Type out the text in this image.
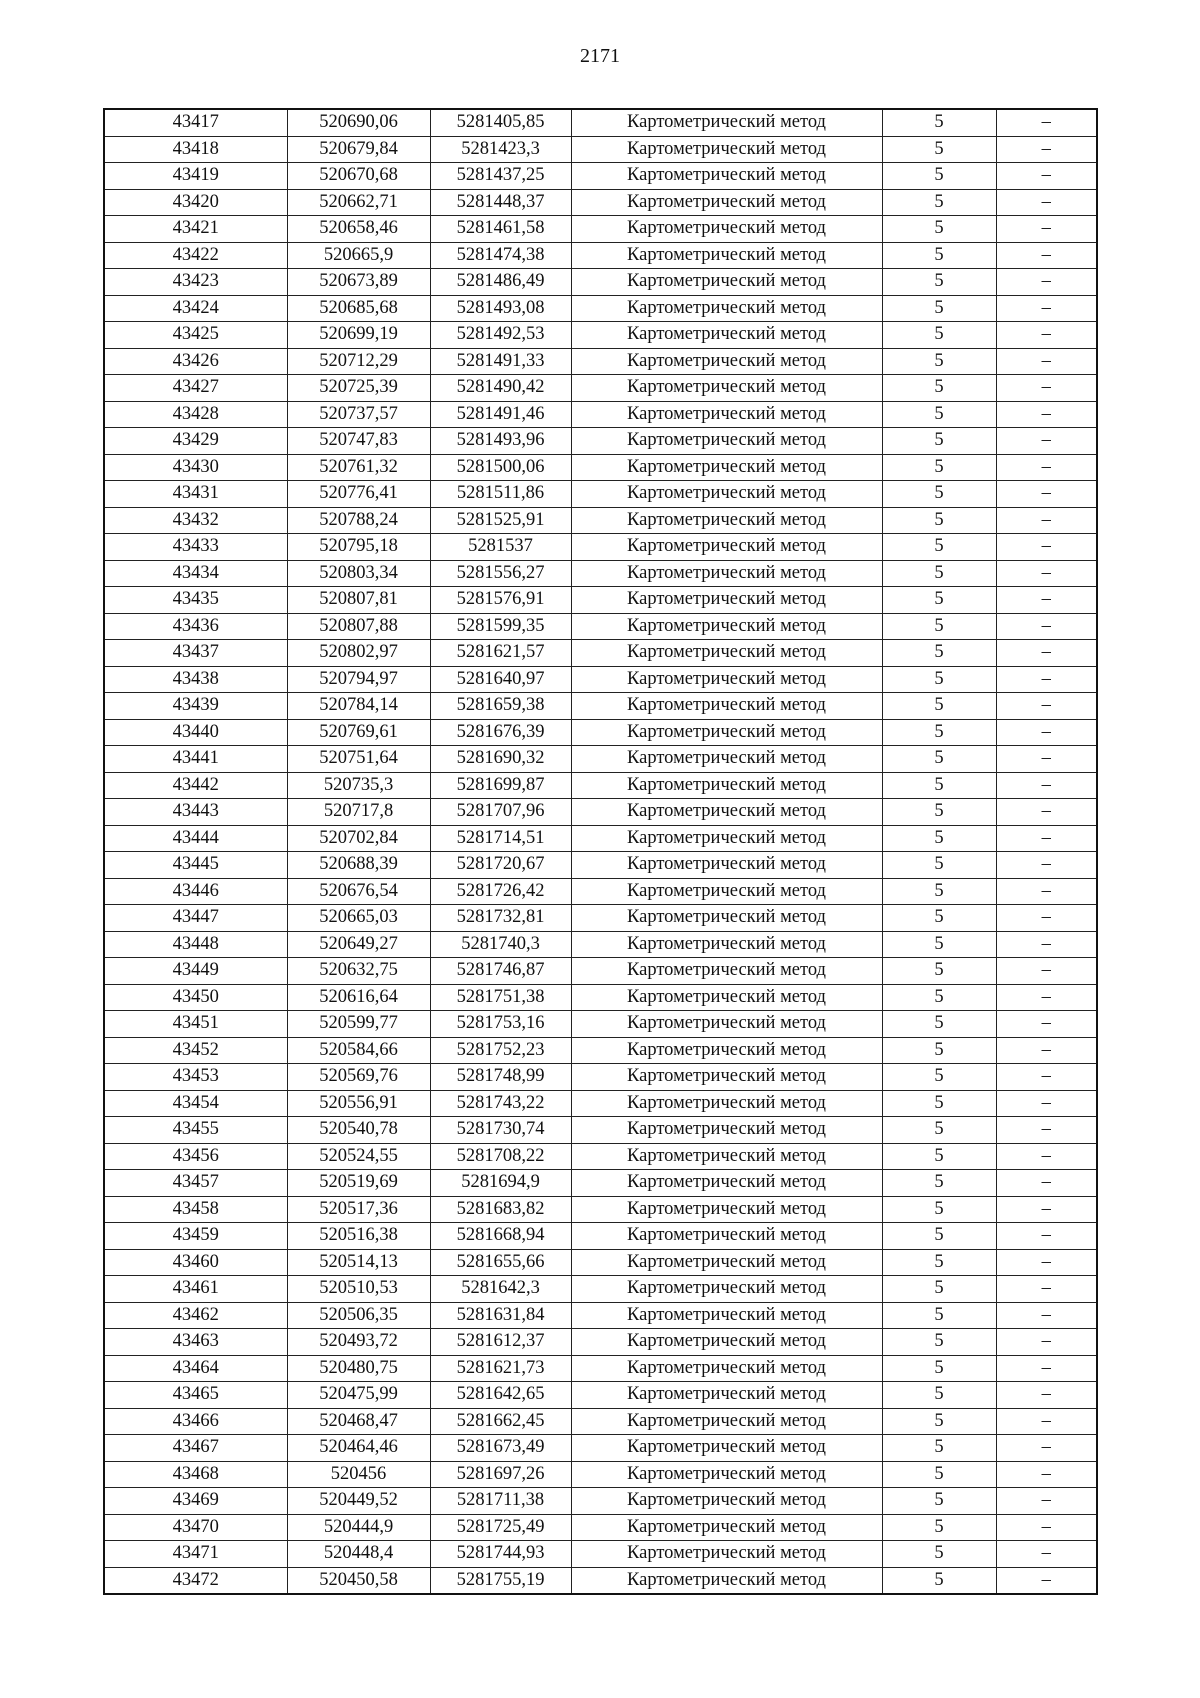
2171
43417	520690,06	5281405,85	Картометрический метод	5	–
43418	520679,84	5281423,3	Картометрический метод	5	–
43419	520670,68	5281437,25	Картометрический метод	5	–
43420	520662,71	5281448,37	Картометрический метод	5	–
43421	520658,46	5281461,58	Картометрический метод	5	–
43422	520665,9	5281474,38	Картометрический метод	5	–
43423	520673,89	5281486,49	Картометрический метод	5	–
43424	520685,68	5281493,08	Картометрический метод	5	–
43425	520699,19	5281492,53	Картометрический метод	5	–
43426	520712,29	5281491,33	Картометрический метод	5	–
43427	520725,39	5281490,42	Картометрический метод	5	–
43428	520737,57	5281491,46	Картометрический метод	5	–
43429	520747,83	5281493,96	Картометрический метод	5	–
43430	520761,32	5281500,06	Картометрический метод	5	–
43431	520776,41	5281511,86	Картометрический метод	5	–
43432	520788,24	5281525,91	Картометрический метод	5	–
43433	520795,18	5281537	Картометрический метод	5	–
43434	520803,34	5281556,27	Картометрический метод	5	–
43435	520807,81	5281576,91	Картометрический метод	5	–
43436	520807,88	5281599,35	Картометрический метод	5	–
43437	520802,97	5281621,57	Картометрический метод	5	–
43438	520794,97	5281640,97	Картометрический метод	5	–
43439	520784,14	5281659,38	Картометрический метод	5	–
43440	520769,61	5281676,39	Картометрический метод	5	–
43441	520751,64	5281690,32	Картометрический метод	5	–
43442	520735,3	5281699,87	Картометрический метод	5	–
43443	520717,8	5281707,96	Картометрический метод	5	–
43444	520702,84	5281714,51	Картометрический метод	5	–
43445	520688,39	5281720,67	Картометрический метод	5	–
43446	520676,54	5281726,42	Картометрический метод	5	–
43447	520665,03	5281732,81	Картометрический метод	5	–
43448	520649,27	5281740,3	Картометрический метод	5	–
43449	520632,75	5281746,87	Картометрический метод	5	–
43450	520616,64	5281751,38	Картометрический метод	5	–
43451	520599,77	5281753,16	Картометрический метод	5	–
43452	520584,66	5281752,23	Картометрический метод	5	–
43453	520569,76	5281748,99	Картометрический метод	5	–
43454	520556,91	5281743,22	Картометрический метод	5	–
43455	520540,78	5281730,74	Картометрический метод	5	–
43456	520524,55	5281708,22	Картометрический метод	5	–
43457	520519,69	5281694,9	Картометрический метод	5	–
43458	520517,36	5281683,82	Картометрический метод	5	–
43459	520516,38	5281668,94	Картометрический метод	5	–
43460	520514,13	5281655,66	Картометрический метод	5	–
43461	520510,53	5281642,3	Картометрический метод	5	–
43462	520506,35	5281631,84	Картометрический метод	5	–
43463	520493,72	5281612,37	Картометрический метод	5	–
43464	520480,75	5281621,73	Картометрический метод	5	–
43465	520475,99	5281642,65	Картометрический метод	5	–
43466	520468,47	5281662,45	Картометрический метод	5	–
43467	520464,46	5281673,49	Картометрический метод	5	–
43468	520456	5281697,26	Картометрический метод	5	–
43469	520449,52	5281711,38	Картометрический метод	5	–
43470	520444,9	5281725,49	Картометрический метод	5	–
43471	520448,4	5281744,93	Картометрический метод	5	–
43472	520450,58	5281755,19	Картометрический метод	5	–
